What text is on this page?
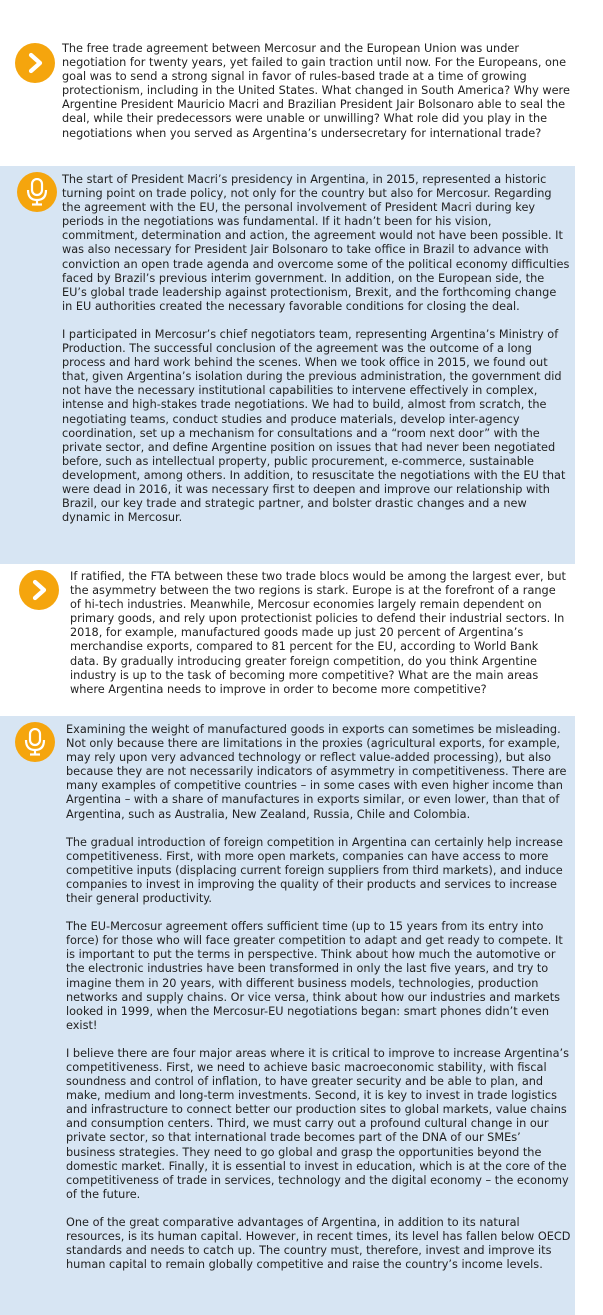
The free trade agreement between Mercosur and the European Union was under negotiation for twenty years, yet failed to gain traction until now. For the Europeans, one goal was to send a strong signal in favor of rules-based trade at a time of growing protectionism, including in the United States. What changed in South America? Why were Argentine President Mauricio Macri and Brazilian President Jair Bolsonaro able to seal the deal, while their predecessors were unable or unwilling? What role did you play in the negotiations when you served as Argentina’s undersecretary for international trade?

The start of President Macri’s presidency in Argentina, in 2015, represented a historic turning point on trade policy, not only for the country but also for Mercosur. Regarding the agreement with the EU, the personal involvement of President Macri during key periods in the negotiations was fundamental. If it hadn’t been for his vision, commitment, determination and action, the agreement would not have been possible. It was also necessary for President Jair Bolsonaro to take office in Brazil to advance with conviction an open trade agenda and overcome some of the political economy difficulties faced by Brazil’s previous interim government. In addition, on the European side, the EU’s global trade leadership against protectionism, Brexit, and the forthcoming change in EU authorities created the necessary favorable conditions for closing the deal.

I participated in Mercosur’s chief negotiators team, representing Argentina’s Ministry of Production. The successful conclusion of the agreement was the outcome of a long process and hard work behind the scenes. When we took office in 2015, we found out that, given Argentina’s isolation during the previous administration, the government did not have the necessary institutional capabilities to intervene effectively in complex, intense and high-stakes trade negotiations. We had to build, almost from scratch, the negotiating teams, conduct studies and produce materials, develop inter-agency coordination, set up a mechanism for consultations and a “room next door” with the private sector, and define Argentine position on issues that had never been negotiated before, such as intellectual property, public procurement, e-commerce, sustainable development, among others. In addition, to resuscitate the negotiations with the EU that were dead in 2016, it was necessary first to deepen and improve our relationship with Brazil, our key trade and strategic partner, and bolster drastic changes and a new dynamic in Mercosur.

If ratified, the FTA between these two trade blocs would be among the largest ever, but the asymmetry between the two regions is stark. Europe is at the forefront of a range of hi-tech industries. Meanwhile, Mercosur economies largely remain dependent on primary goods, and rely upon protectionist policies to defend their industrial sectors. In 2018, for example, manufactured goods made up just 20 percent of Argentina’s merchandise exports, compared to 81 percent for the EU, according to World Bank data. By gradually introducing greater foreign competition, do you think Argentine industry is up to the task of becoming more competitive? What are the main areas where Argentina needs to improve in order to become more competitive?

Examining the weight of manufactured goods in exports can sometimes be misleading. Not only because there are limitations in the proxies (agricultural exports, for example, may rely upon very advanced technology or reflect value-added processing), but also because they are not necessarily indicators of asymmetry in competitiveness. There are many examples of competitive countries – in some cases with even higher income than Argentina – with a share of manufactures in exports similar, or even lower, than that of Argentina, such as Australia, New Zealand, Russia, Chile and Colombia.

The gradual introduction of foreign competition in Argentina can certainly help increase competitiveness. First, with more open markets, companies can have access to more competitive inputs (displacing current foreign suppliers from third markets), and induce companies to invest in improving the quality of their products and services to increase their general productivity.

The EU-Mercosur agreement offers sufficient time (up to 15 years from its entry into force) for those who will face greater competition to adapt and get ready to compete. It is important to put the terms in perspective. Think about how much the automotive or the electronic industries have been transformed in only the last five years, and try to imagine them in 20 years, with different business models, technologies, production networks and supply chains. Or vice versa, think about how our industries and markets looked in 1999, when the Mercosur-EU negotiations began: smart phones didn’t even exist!

I believe there are four major areas where it is critical to improve to increase Argentina’s competitiveness. First, we need to achieve basic macroeconomic stability, with fiscal soundness and control of inflation, to have greater security and be able to plan, and make, medium and long-term investments. Second, it is key to invest in trade logistics and infrastructure to connect better our production sites to global markets, value chains and consumption centers. Third, we must carry out a profound cultural change in our private sector, so that international trade becomes part of the DNA of our SMEs’ business strategies. They need to go global and grasp the opportunities beyond the domestic market. Finally, it is essential to invest in education, which is at the core of the competitiveness of trade in services, technology and the digital economy – the economy of the future.

One of the great comparative advantages of Argentina, in addition to its natural resources, is its human capital. However, in recent times, its level has fallen below OECD standards and needs to catch up. The country must, therefore, invest and improve its human capital to remain globally competitive and raise the country’s income levels.
